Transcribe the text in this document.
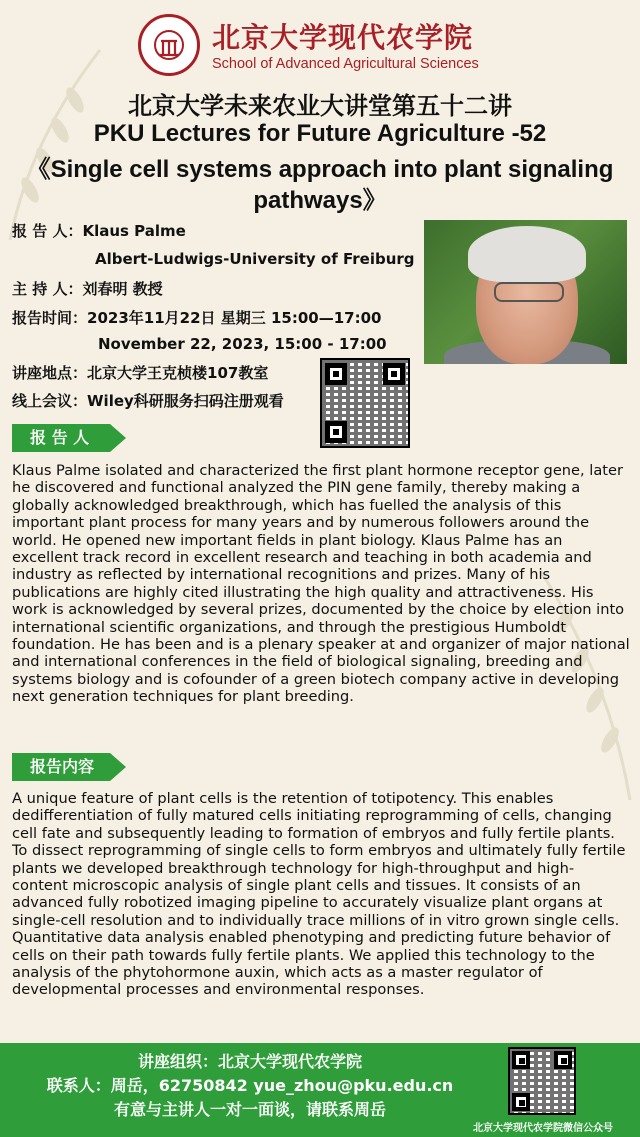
北京大学现代农学院
School of Advanced Agricultural Sciences
北京大学未来农业大讲堂第五十二讲
PKU Lectures for Future Agriculture -52
《Single cell systems approach into plant signaling pathways》
报 告 人：Klaus Palme
Albert-Ludwigs-University of Freiburg
主 持 人：刘春明 教授
报告时间：2023年11月22日 星期三 15:00—17:00
November 22, 2023, 15:00 - 17:00
讲座地点：北京大学王克桢楼107教室
线上会议：Wiley科研服务扫码注册观看
报 告 人
Klaus Palme isolated and characterized the first plant hormone receptor gene, later he discovered and functional analyzed the PIN gene family, thereby making a globally acknowledged breakthrough, which has fuelled the analysis of this important plant process for many years and by numerous followers around the world. He opened new important fields in plant biology. Klaus Palme has an excellent track record in excellent research and teaching in both academia and industry as reflected by international recognitions and prizes. Many of his publications are highly cited illustrating the high quality and attractiveness. His work is acknowledged by several prizes, documented by the choice by election into international scientific organizations, and through the prestigious Humboldt foundation. He has been and is a plenary speaker at and organizer of major national and international conferences in the field of biological signaling, breeding and systems biology and is cofounder of a green biotech company active in developing next generation techniques for plant breeding.
报告内容
A unique feature of plant cells is the retention of totipotency. This enables dedifferentiation of fully matured cells initiating reprogramming of cells, changing cell fate and subsequently leading to formation of embryos and fully fertile plants. To dissect reprogramming of single cells to form embryos and ultimately fully fertile plants we developed breakthrough technology for high-throughput and high-content microscopic analysis of single plant cells and tissues. It consists of an advanced fully robotized imaging pipeline to accurately visualize plant organs at single-cell resolution and to individually trace millions of in vitro grown single cells. Quantitative data analysis enabled phenotyping and predicting future behavior of cells on their path towards fully fertile plants. We applied this technology to the analysis of the phytohormone auxin, which acts as a master regulator of developmental processes and environmental responses.
讲座组织：北京大学现代农学院
联系人：周岳，62750842 yue_zhou@pku.edu.cn
有意与主讲人一对一面谈，请联系周岳
北京大学现代农学院微信公众号
